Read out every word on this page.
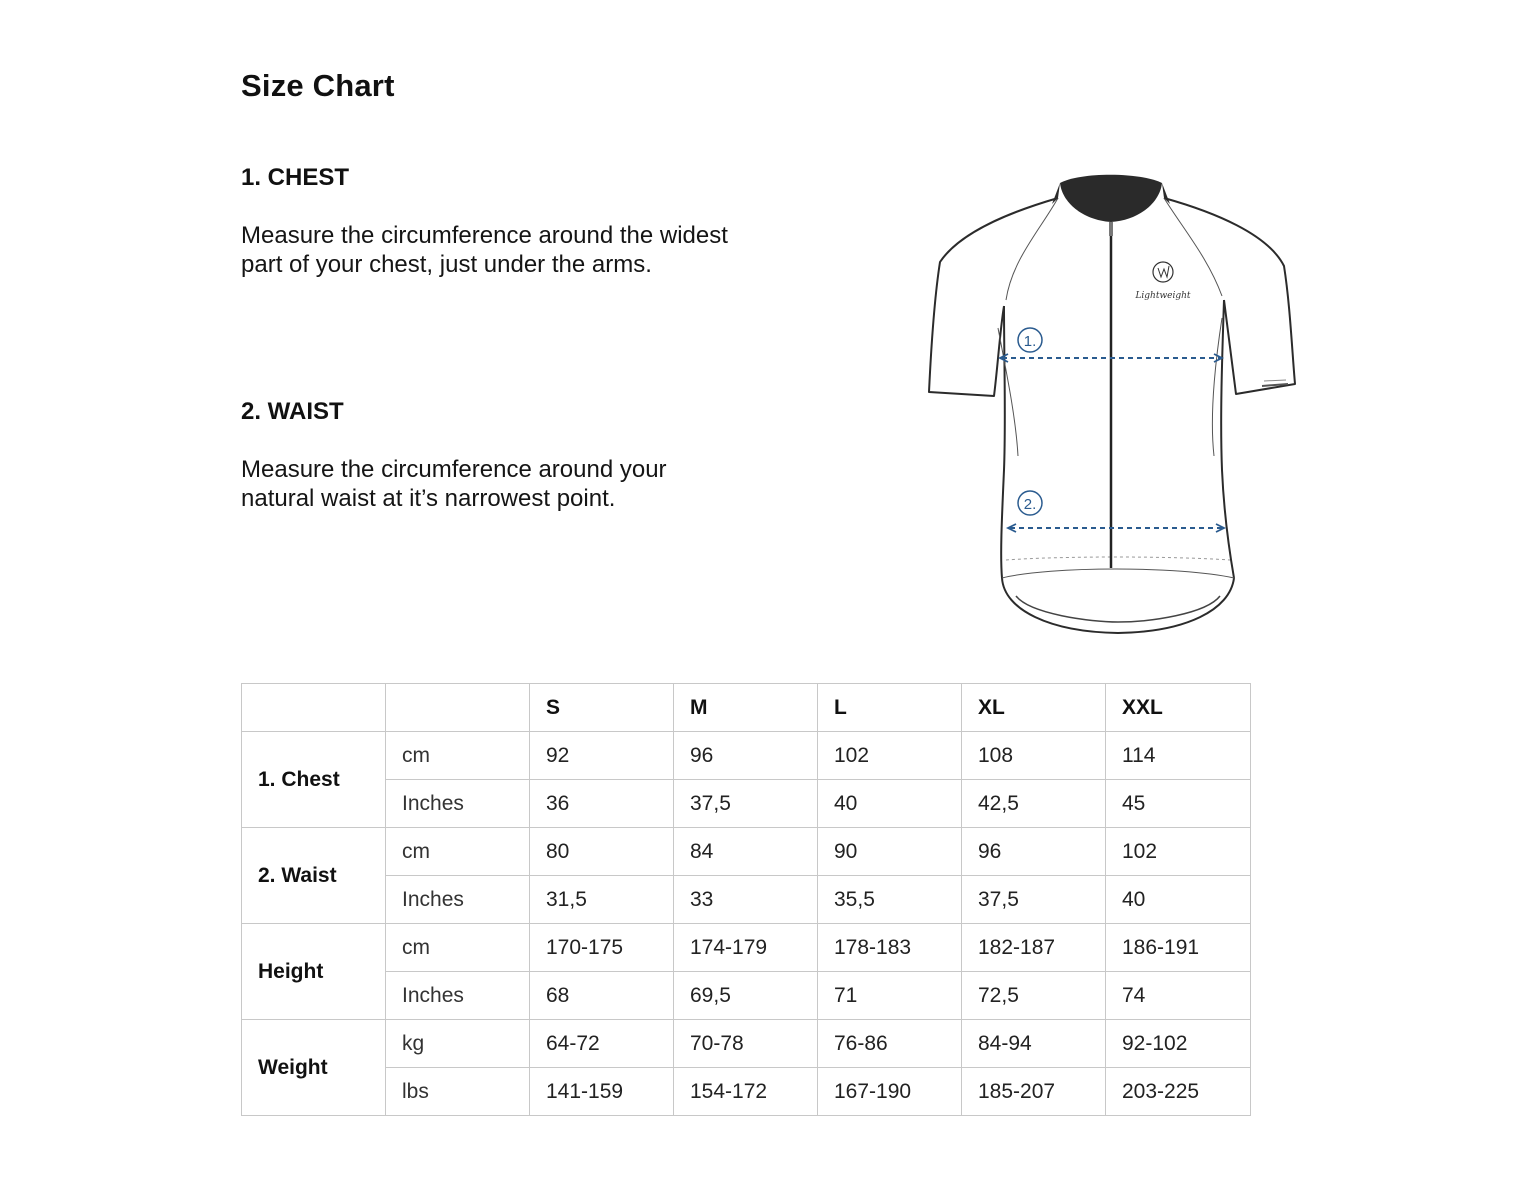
Size Chart
1. CHEST

Measure the circumference around the widest
part of your chest, just under the arms.

2. WAIST

Measure the circumference around your
natural waist at it’s narrowest point.

Lightweight
1.
2.
		S	M	L	XL	XXL
1. Chest	cm	92	96	102	108	114
	Inches	36	37,5	40	42,5	45
2. Waist	cm	80	84	90	96	102
	Inches	31,5	33	35,5	37,5	40
Height	cm	170-175	174-179	178-183	182-187	186-191
	Inches	68	69,5	71	72,5	74
Weight	kg	64-72	70-78	76-86	84-94	92-102
	lbs	141-159	154-172	167-190	185-207	203-225
